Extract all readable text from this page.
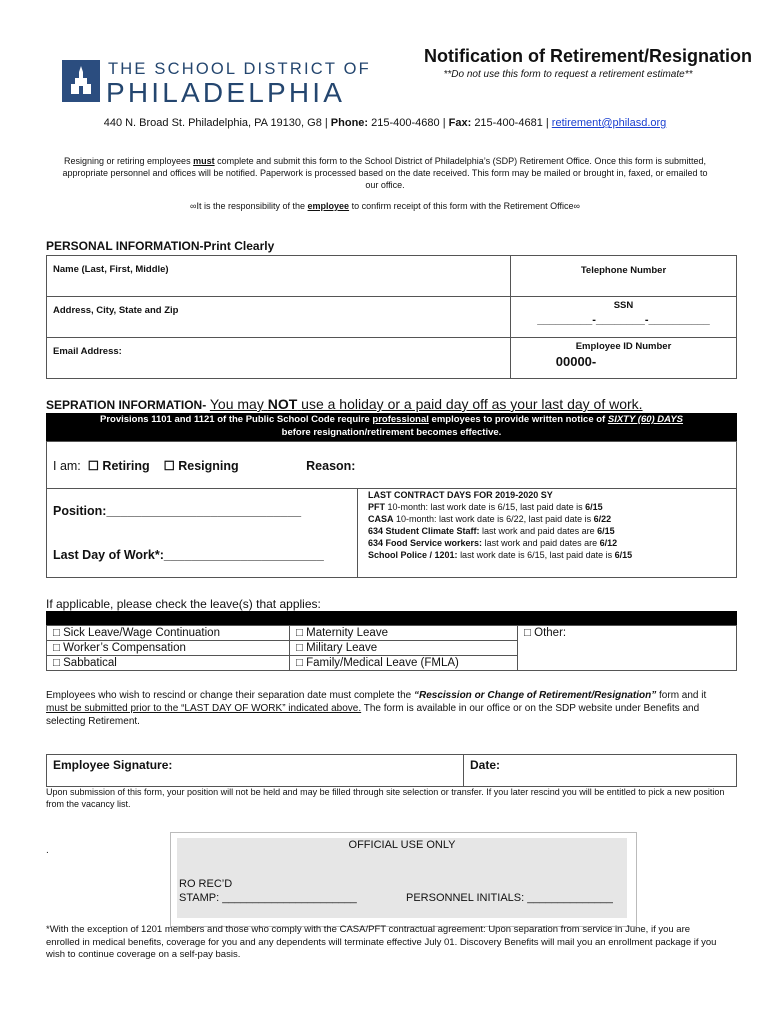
THE SCHOOL DISTRICT OF
PHILADELPHIA
Notification of Retirement/Resignation
**Do not use this form to request a retirement estimate**
440 N. Broad St. Philadelphia, PA 19130, G8 | Phone: 215-400-4680 | Fax: 215-400-4681 | retirement@philasd.org
Resigning or retiring employees must complete and submit this form to the School District of Philadelphia’s (SDP) Retirement Office. Once this form is submitted, appropriate personnel and offices will be notified. Paperwork is processed based on the date received. This form may be mailed or brought in, faxed, or emailed to our office.
∞It is the responsibility of the employee to confirm receipt of this form with the Retirement Office∞
PERSONAL INFORMATION-Print Clearly
Name (Last, First, Middle)	Telephone Number
Address, City, State and Zip	SSN
_________-________-__________

Email Address:	Employee ID Number
00000-
SEPRATION INFORMATION- You may NOT use a holiday or a paid day off as your last day of work.
Provisions 1101 and 1121 of the Public School Code require professional employees to provide written notice of SIXTY (60) DAYS
before resignation/retirement becomes effective.
I am: ☐ Retiring ☐ Resigning	Reason:

Position:____________________________
Last Day of Work*:_______________________

LAST CONTRACT DAYS FOR 2019-2020 SY
PFT 10-month: last work date is 6/15, last paid date is 6/15
CASA 10-month: last work date is 6/22, last paid date is 6/22
634 Student Climate Staff: last work and paid dates are 6/15
634 Food Service workers: last work and paid dates are 6/12
School Police / 1201: last work date is 6/15, last paid date is 6/15
If applicable, please check the leave(s) that applies:
□ Sick Leave/Wage Continuation	□ Maternity Leave	□ Other:
□ Worker’s Compensation	□ Military Leave	
□ Sabbatical	□ Family/Medical Leave (FMLA)	
Employees who wish to rescind or change their separation date must complete the “Rescission or Change of Retirement/Resignation” form and it must be submitted prior to the “LAST DAY OF WORK” indicated above. The form is available in our office or on the SDP website under Benefits and selecting Retirement.
Employee Signature:	Date:
Upon submission of this form, your position will not be held and may be filled through site selection or transfer. If you later rescind you will be entitled to pick a new position from the vacancy list.
.	OFFICIAL USE ONLY
RO REC’D
STAMP: ______________________	PERSONNEL INITIALS: ______________
*With the exception of 1201 members and those who comply with the CASA/PFT contractual agreement: Upon separation from service in June, if you are enrolled in medical benefits, coverage for you and any dependents will terminate effective July 01. Discovery Benefits will mail you an enrollment package if you wish to continue coverage on a self-pay basis.
